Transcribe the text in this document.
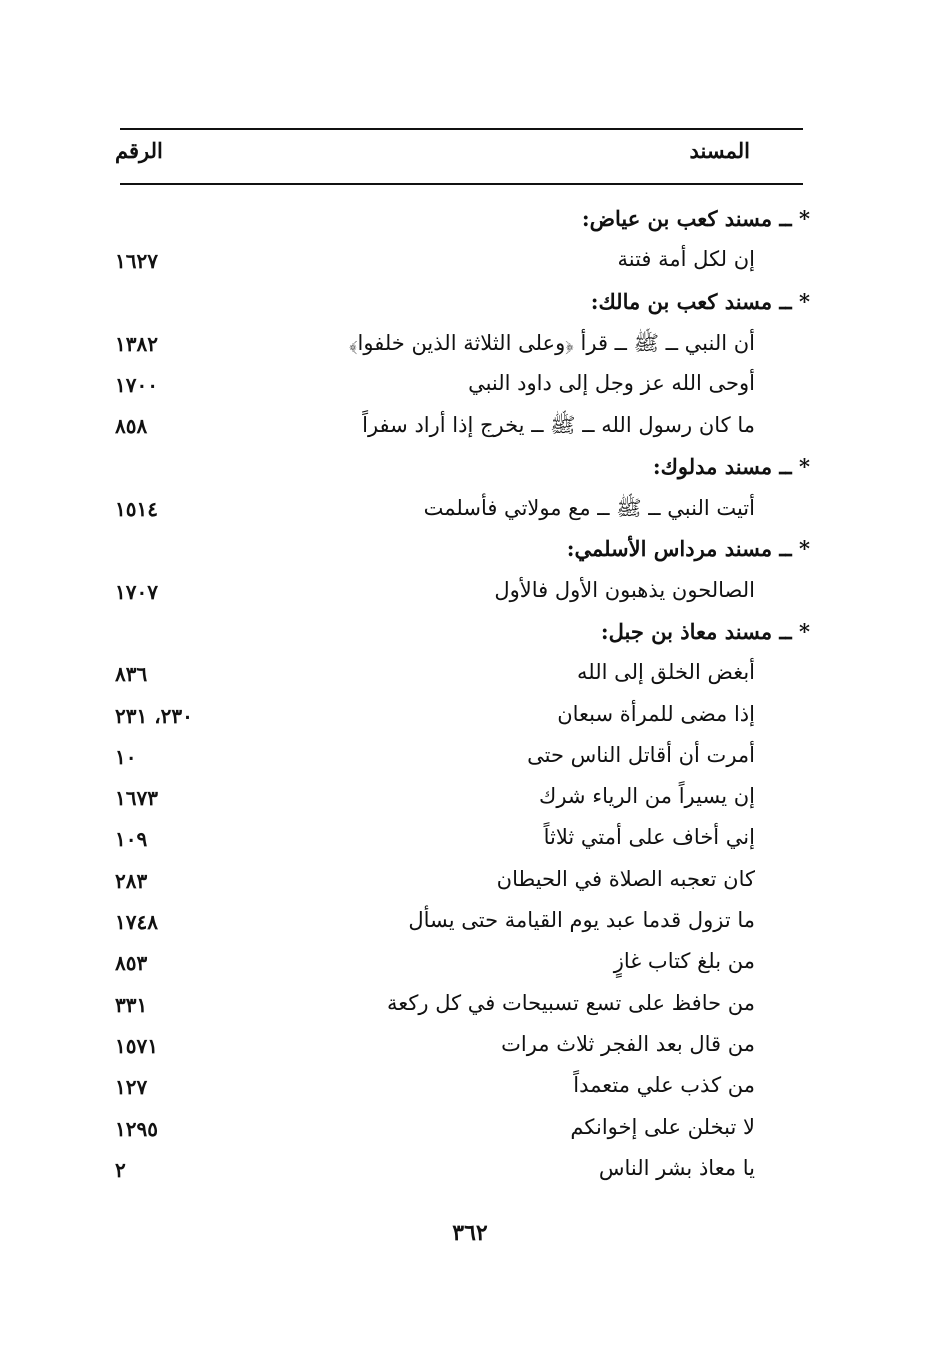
المسند
الرقم
* ــ مسند كعب بن عياض:
إن لكل أمة فتنة
١٦٢٧
* ــ مسند كعب بن مالك:
أن النبي ــ ﷺ ــ قرأ ﴿وعلى الثلاثة الذين خلفوا﴾
١٣٨٢
أوحى الله عز وجل إلى داود النبي
١٧٠٠
ما كان رسول الله ــ ﷺ ــ يخرج إذا أراد سفراً
٨٥٨
* ــ مسند مدلوك:
أتيت النبي ــ ﷺ ــ مع مولاتي فأسلمت
١٥١٤
* ــ مسند مرداس الأسلمي:
الصالحون يذهبون الأول فالأول
١٧٠٧
* ــ مسند معاذ بن جبل:
أبغض الخلق إلى الله
٨٣٦
إذا مضى للمرأة سبعان
٢٣٠، ٢٣١
أمرت أن أقاتل الناس حتى
١٠
إن يسيراً من الرياء شرك
١٦٧٣
إني أخاف على أمتي ثلاثاً
١٠٩
كان تعجبه الصلاة في الحيطان
٢٨٣
ما تزول قدما عبد يوم القيامة حتى يسأل
١٧٤٨
من بلغ كتاب غازٍ
٨٥٣
من حافظ على تسع تسبيحات في كل ركعة
٣٣١
من قال بعد الفجر ثلاث مرات
١٥٧١
من كذب علي متعمداً
١٢٧
لا تبخلن على إخوانكم
١٢٩٥
يا معاذ بشر الناس
٢
٣٦٢
